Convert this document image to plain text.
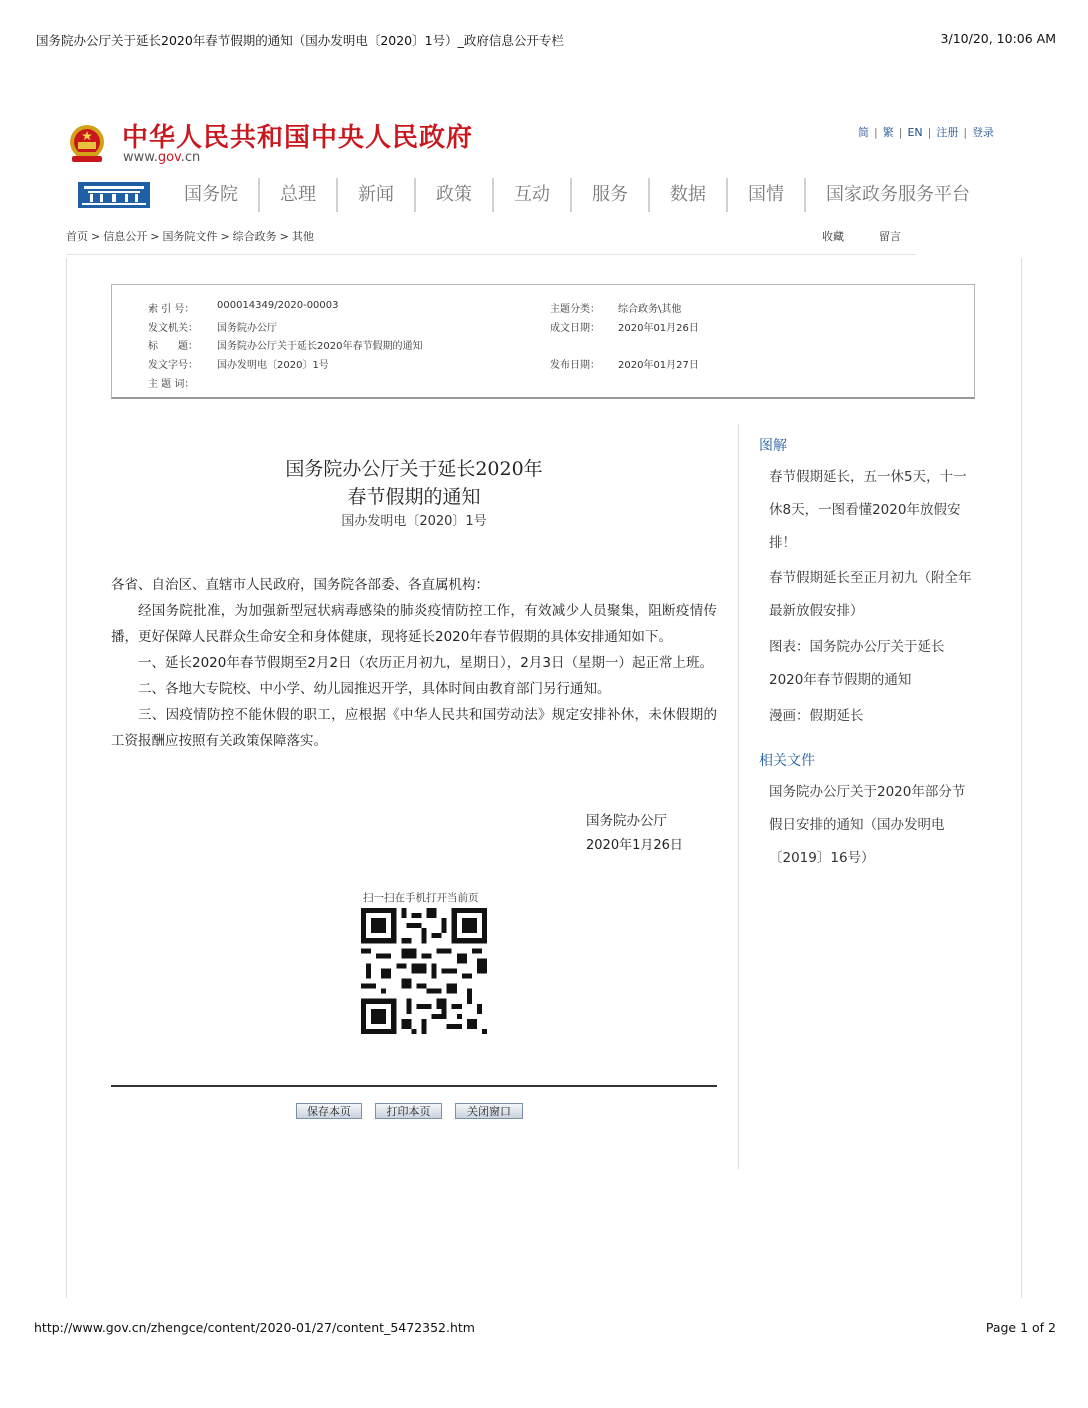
国务院办公厅关于延长2020年春节假期的通知（国办发明电〔2020〕1号）_政府信息公开专栏	3/10/20, 10:06 AM
中华人民共和国中央人民政府
www.gov.cn
简 | 繁 | EN | 注册 | 登录
国务院	总理	新闻	政策	互动	服务	数据	国情	国家政务服务平台
首页 > 信息公开 > 国务院文件 > 综合政务 > 其他	收藏	留言
索 引 号： 000014349/2020-00003	主题分类： 综合政务\其他
发文机关： 国务院办公厅	成文日期： 2020年01月26日
标　　题： 国务院办公厅关于延长2020年春节假期的通知
发文字号： 国办发明电〔2020〕1号	发布日期： 2020年01月27日
主 题 词：
国务院办公厅关于延长2020年
春节假期的通知
国办发明电〔2020〕1号

各省、自治区、直辖市人民政府，国务院各部委、各直属机构：

经国务院批准，为加强新型冠状病毒感染的肺炎疫情防控工作，有效减少人员聚集，阻断疫情传播，更好保障人民群众生命安全和身体健康，现将延长2020年春节假期的具体安排通知如下。

一、延长2020年春节假期至2月2日（农历正月初九，星期日），2月3日（星期一）起正常上班。

二、各地大专院校、中小学、幼儿园推迟开学，具体时间由教育部门另行通知。

三、因疫情防控不能休假的职工，应根据《中华人民共和国劳动法》规定安排补休，未休假期的工资报酬应按照有关政策保障落实。

国务院办公厅
2020年1月26日
扫一扫在手机打开当前页
保存本页	打印本页	关闭窗口
图解
春节假期延长，五一休5天，十一休8天，一图看懂2020年放假安排！
春节假期延长至正月初九（附全年最新放假安排）
图表：国务院办公厅关于延长2020年春节假期的通知
漫画：假期延长
相关文件
国务院办公厅关于2020年部分节假日安排的通知（国办发明电〔2019〕16号）
http://www.gov.cn/zhengce/content/2020-01/27/content_5472352.htm	Page 1 of 2
